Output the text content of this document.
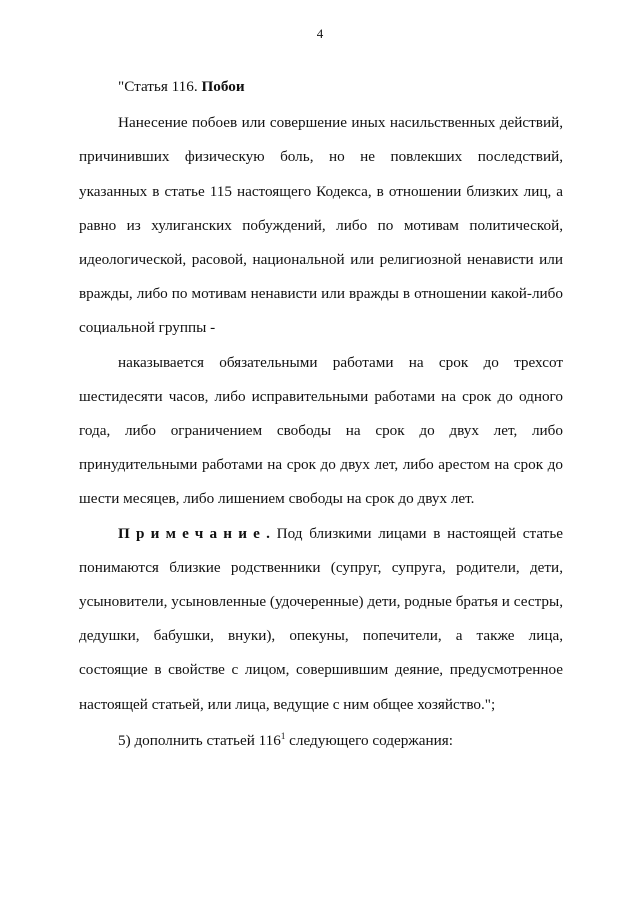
4

"Статья 116. Побои

Нанесение побоев или совершение иных насильственных действий, причинивших физическую боль, но не повлекших последствий, указанных в статье 115 настоящего Кодекса, в отношении близких лиц, а равно из хулиганских побуждений, либо по мотивам политической, идеологической, расовой, национальной или религиозной ненависти или вражды, либо по мотивам ненависти или вражды в отношении какой-либо социальной группы -

наказывается обязательными работами на срок до трехсот шестидесяти часов, либо исправительными работами на срок до одного года, либо ограничением свободы на срок до двух лет, либо принудительными работами на срок до двух лет, либо арестом на срок до шести месяцев, либо лишением свободы на срок до двух лет.

Примечание. Под близкими лицами в настоящей статье понимаются близкие родственники (супруг, супруга, родители, дети, усыновители, усыновленные (удочеренные) дети, родные братья и сестры, дедушки, бабушки, внуки), опекуны, попечители, а также лица, состоящие в свойстве с лицом, совершившим деяние, предусмотренное настоящей статьей, или лица, ведущие с ним общее хозяйство.";

5) дополнить статьей $116^1$ следующего содержания:
